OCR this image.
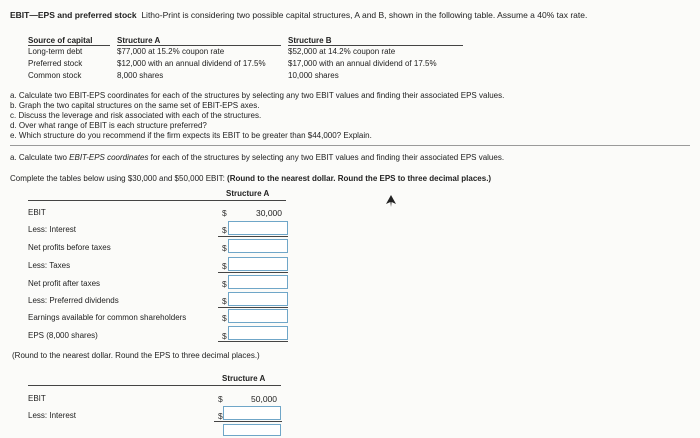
EBIT—EPS and preferred stock Litho-Print is considering two possible capital structures, A and B, shown in the following table. Assume a 40% tax rate.
Source of capital	Structure A	Structure B
Long-term debt	$77,000 at 15.2% coupon rate	$52,000 at 14.2% coupon rate
Preferred stock	$12,000 with an annual dividend of 17.5%	$17,000 with an annual dividend of 17.5%
Common stock	8,000 shares	10,000 shares
a. Calculate two EBIT-EPS coordinates for each of the structures by selecting any two EBIT values and finding their associated EPS values.
b. Graph the two capital structures on the same set of EBIT-EPS axes.
c. Discuss the leverage and risk associated with each of the structures.
d. Over what range of EBIT is each structure preferred?
e. Which structure do you recommend if the firm expects its EBIT to be greater than $44,000? Explain.
a. Calculate two EBIT-EPS coordinates for each of the structures by selecting any two EBIT values and finding their associated EPS values.
Complete the tables below using $30,000 and $50,000 EBIT: (Round to the nearest dollar. Round the EPS to three decimal places.)
Structure A
EBIT	$	30,000
Less: Interest	$
Net profits before taxes	$
Less: Taxes	$
Net profit after taxes	$
Less: Preferred dividends	$
Earnings available for common shareholders	$
EPS (8,000 shares)	$
(Round to the nearest dollar. Round the EPS to three decimal places.)
Structure A
EBIT	$	50,000
Less: Interest	$
